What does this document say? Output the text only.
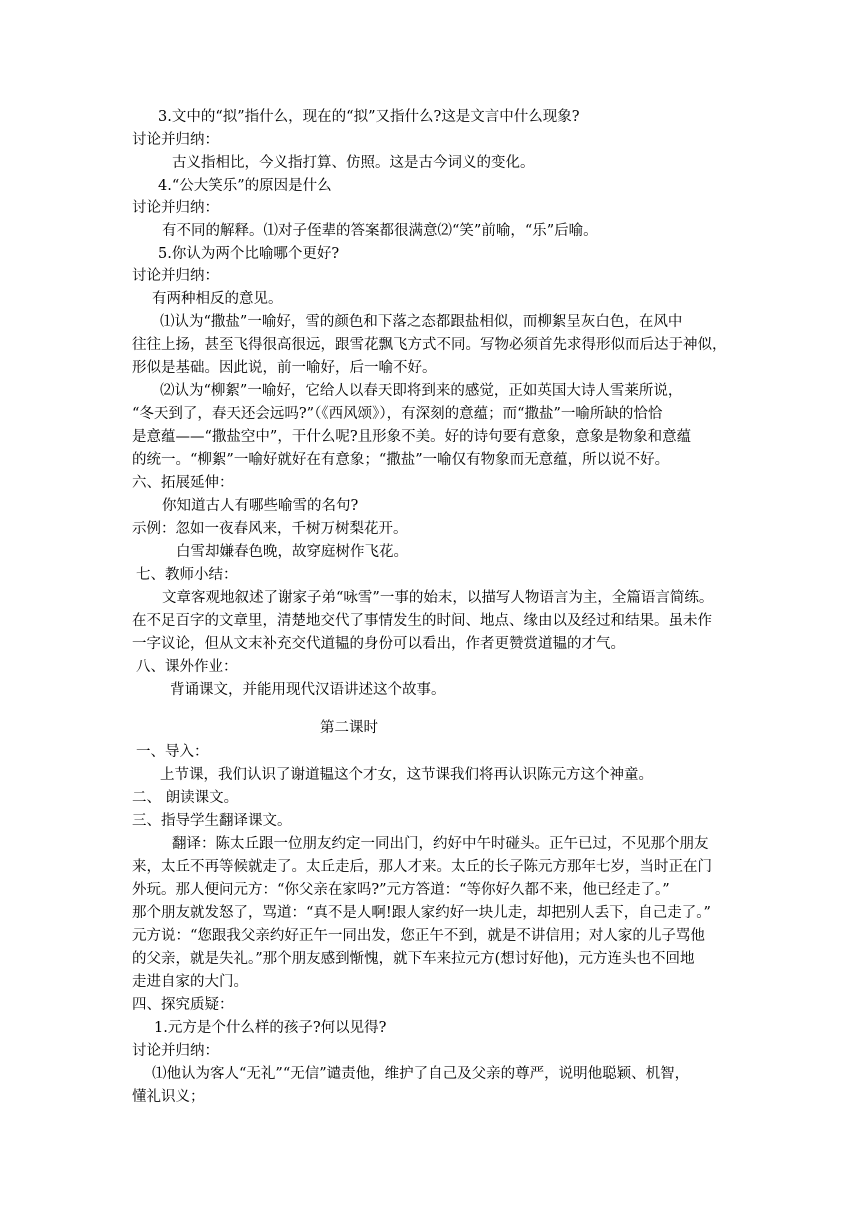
3.文中的“拟”指什么，现在的“拟”又指什么?这是文言中什么现象?
讨论并归纳：
古义指相比，今义指打算、仿照。这是古今词义的变化。
4.“公大笑乐”的原因是什么
讨论并归纳：
有不同的解释。⑴对子侄辈的答案都很满意⑵“笑”前喻，“乐”后喻。
5.你认为两个比喻哪个更好?
讨论并归纳：
有两种相反的意见。
⑴认为“撒盐”一喻好，雪的颜色和下落之态都跟盐相似，而柳絮呈灰白色，在风中
往往上扬，甚至飞得很高很远，跟雪花飘飞方式不同。写物必须首先求得形似而后达于神似，
形似是基础。因此说，前一喻好，后一喻不好。
⑵认为“柳絮”一喻好，它给人以春天即将到来的感觉，正如英国大诗人雪莱所说，
“冬天到了，春天还会远吗?”（《西风颂》），有深刻的意蕴；而“撒盐”一喻所缺的恰恰
是意蕴——“撒盐空中”，干什么呢?且形象不美。好的诗句要有意象，意象是物象和意蕴
的统一。“柳絮”一喻好就好在有意象；“撒盐”一喻仅有物象而无意蕴，所以说不好。
六、拓展延伸：
你知道古人有哪些喻雪的名句?
示例：忽如一夜春风来，千树万树梨花开。
白雪却嫌春色晚，故穿庭树作飞花。
七、教师小结：
文章客观地叙述了谢家子弟“咏雪”一事的始末，以描写人物语言为主，全篇语言简练。
在不足百字的文章里，清楚地交代了事情发生的时间、地点、缘由以及经过和结果。虽未作
一字议论，但从文末补充交代道韫的身份可以看出，作者更赞赏道韫的才气。
八、课外作业：
背诵课文，并能用现代汉语讲述这个故事。
第二课时
一、导入：
上节课，我们认识了谢道韫这个才女，这节课我们将再认识陈元方这个神童。
二、 朗读课文。
三、指导学生翻译课文。
翻译：陈太丘跟一位朋友约定一同出门，约好中午时碰头。正午已过，不见那个朋友
来，太丘不再等候就走了。太丘走后，那人才来。太丘的长子陈元方那年七岁，当时正在门
外玩。那人便问元方：“你父亲在家吗?”元方答道：“等你好久都不来，他已经走了。”
那个朋友就发怒了，骂道：“真不是人啊!跟人家约好一块儿走，却把别人丢下，自己走了。”
元方说：“您跟我父亲约好正午一同出发，您正午不到，就是不讲信用；对人家的儿子骂他
的父亲，就是失礼。”那个朋友感到惭愧，就下车来拉元方(想讨好他)，元方连头也不回地
走进自家的大门。
四、探究质疑：
1.元方是个什么样的孩子?何以见得?
讨论并归纳：
⑴他认为客人“无礼”“无信”谴责他，维护了自己及父亲的尊严，说明他聪颖、机智，
懂礼识义；
